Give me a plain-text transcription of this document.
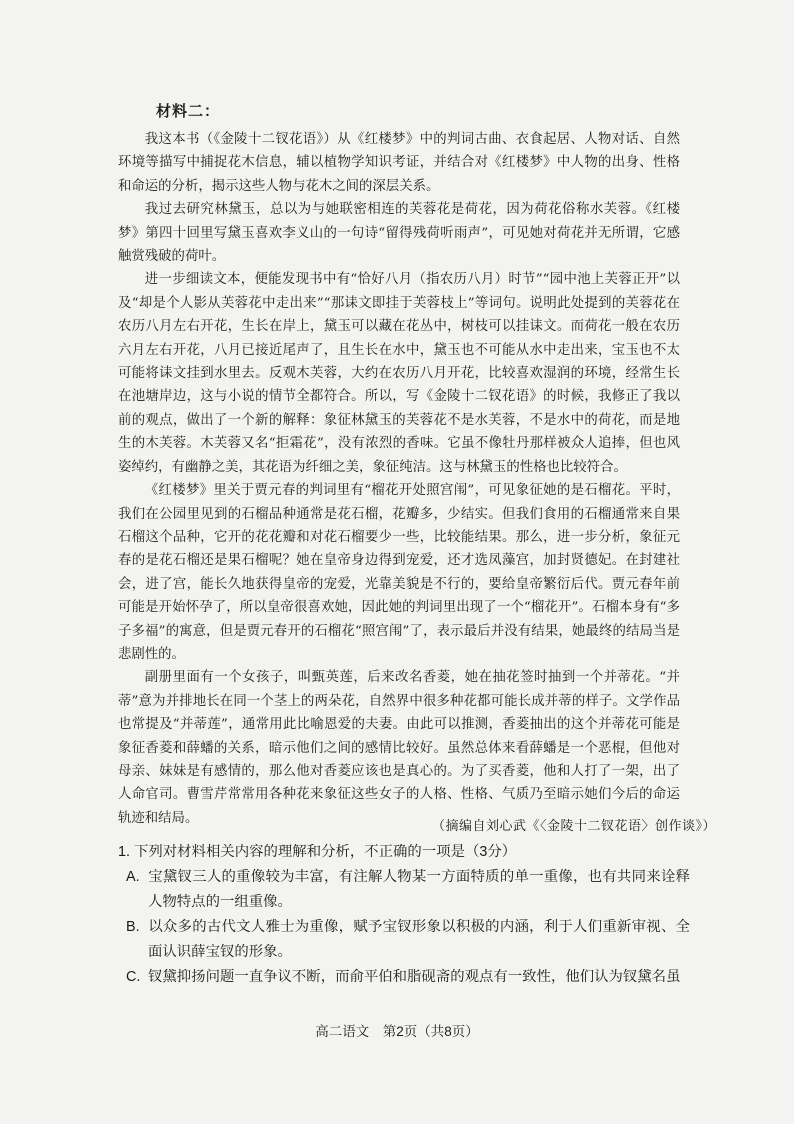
材料二：

我这本书（《金陵十二钗花语》）从《红楼梦》中的判词古曲、衣食起居、人物对话、自然环境等描写中捕捉花木信息，辅以植物学知识考证，并结合对《红楼梦》中人物的出身、性格和命运的分析，揭示这些人物与花木之间的深层关系。

我过去研究林黛玉，总以为与她联密相连的芙蓉花是荷花，因为荷花俗称水芙蓉。《红楼梦》第四十回里写黛玉喜欢李义山的一句诗“留得残荷听雨声”，可见她对荷花并无所谓，它感触赏残破的荷叶。

进一步细读文本，便能发现书中有“恰好八月（指农历八月）时节”“园中池上芙蓉正开”以及“却是个人影从芙蓉花中走出来”“那诔文即挂于芙蓉枝上”等词句。说明此处提到的芙蓉花在农历八月左右开花，生长在岸上，黛玉可以藏在花丛中，树枝可以挂诔文。而荷花一般在农历六月左右开花，八月已接近尾声了，且生长在水中，黛玉也不可能从水中走出来，宝玉也不太可能将诔文挂到水里去。反观木芙蓉，大约在农历八月开花，比较喜欢湿润的环境，经常生长在池塘岸边，这与小说的情节全都符合。所以，写《金陵十二钗花语》的时候，我修正了我以前的观点，做出了一个新的解释：象征林黛玉的芙蓉花不是水芙蓉，不是水中的荷花，而是地生的木芙蓉。木芙蓉又名“拒霜花”，没有浓烈的香味。它虽不像牡丹那样被众人追捧，但也风姿绰约，有幽静之美，其花语为纤细之美，象征纯洁。这与林黛玉的性格也比较符合。

《红楼梦》里关于贾元春的判词里有“榴花开处照宫闱”，可见象征她的是石榴花。平时，我们在公园里见到的石榴品种通常是花石榴，花瓣多，少结实。但我们食用的石榴通常来自果石榴这个品种，它开的花花瓣和对花石榴要少一些，比较能结果。那么，进一步分析，象征元春的是花石榴还是果石榴呢？她在皇帝身边得到宠爱，还才选凤藻宫，加封贤德妃。在封建社会，进了宫，能长久地获得皇帝的宠爱，光靠美貌是不行的，要给皇帝繁衍后代。贾元春年前可能是开始怀孕了，所以皇帝很喜欢她，因此她的判词里出现了一个“榴花开”。石榴本身有“多子多福”的寓意，但是贾元春开的石榴花“照宫闱”了，表示最后并没有结果，她最终的结局当是悲剧性的。

副册里面有一个女孩子，叫甄英莲，后来改名香菱，她在抽花签时抽到一个并蒂花。“并蒂”意为并排地长在同一个茎上的两朵花，自然界中很多种花都可能长成并蒂的样子。文学作品也常提及“并蒂莲”，通常用此比喻恩爱的夫妻。由此可以推测，香菱抽出的这个并蒂花可能是象征香菱和薛蟠的关系，暗示他们之间的感情比较好。虽然总体来看薛蟠是一个恶棍，但他对母亲、妹妹是有感情的，那么他对香菱应该也是真心的。为了买香菱，他和人打了一架，出了人命官司。曹雪芹常常用各种花来象征这些女子的人格、性格、气质乃至暗示她们今后的命运轨迹和结局。

（摘编自刘心武《〈金陵十二钗花语〉创作谈》）

1. 下列对材料相关内容的理解和分析，不正确的一项是（3分）

A. 宝黛钗三人的重像较为丰富，有注解人物某一方面特质的单一重像，也有共同来诠释人物特点的一组重像。

B. 以众多的古代文人雅士为重像，赋予宝钗形象以积极的内涵，利于人们重新审视、全面认识薛宝钗的形象。

C. 钗黛抑扬问题一直争议不断，而俞平伯和脂砚斋的观点有一致性，他们认为钗黛名虽

高二语文　第2页（共8页）
